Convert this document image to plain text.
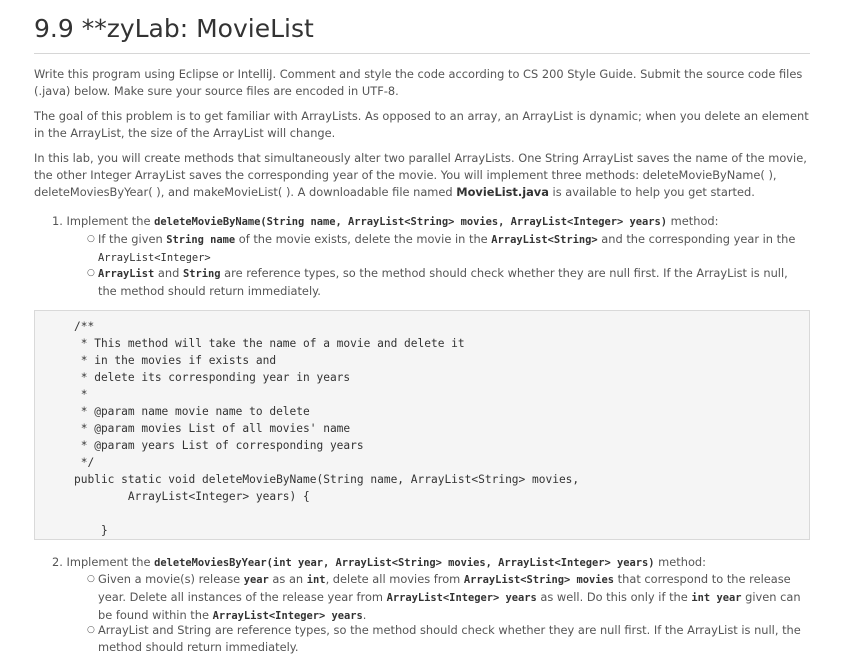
9.9 **zyLab: MovieList

Write this program using Eclipse or IntelliJ. Comment and style the code according to CS 200 Style Guide. Submit the source code files (.java) below. Make sure your source files are encoded in UTF-8.

The goal of this problem is to get familiar with ArrayLists. As opposed to an array, an ArrayList is dynamic; when you delete an element in the ArrayList, the size of the ArrayList will change.

In this lab, you will create methods that simultaneously alter two parallel ArrayLists. One String ArrayList saves the name of the movie, the other Integer ArrayList saves the corresponding year of the movie. You will implement three methods: deleteMovieByName( ), deleteMoviesByYear( ), and makeMovieList( ). A downloadable file named MovieList.java is available to help you get started.

1. Implement the deleteMovieByName(String name, ArrayList<String> movies, ArrayList<Integer> years) method:
○ If the given String name of the movie exists, delete the movie in the ArrayList<String> and the corresponding year in the
ArrayList<Integer>
○ ArrayList and String are reference types, so the method should check whether they are null first. If the ArrayList is null, the method should return immediately.
/**
* This method will take the name of a movie and delete it
* in the movies if exists and
* delete its corresponding year in years
*
* @param name movie name to delete
* @param movies List of all movies' name
* @param years List of corresponding years
*/
public static void deleteMovieByName(String name, ArrayList<String> movies,
ArrayList<Integer> years) {

}
2. Implement the deleteMoviesByYear(int year, ArrayList<String> movies, ArrayList<Integer> years) method:
○ Given a movie(s) release year as an int, delete all movies from ArrayList<String> movies that correspond to the release year. Delete all instances of the release year from ArrayList<Integer> years as well. Do this only if the int year given can be found within the ArrayList<Integer> years.
○ ArrayList and String are reference types, so the method should check whether they are null first. If the ArrayList is null, the method should return immediately.
